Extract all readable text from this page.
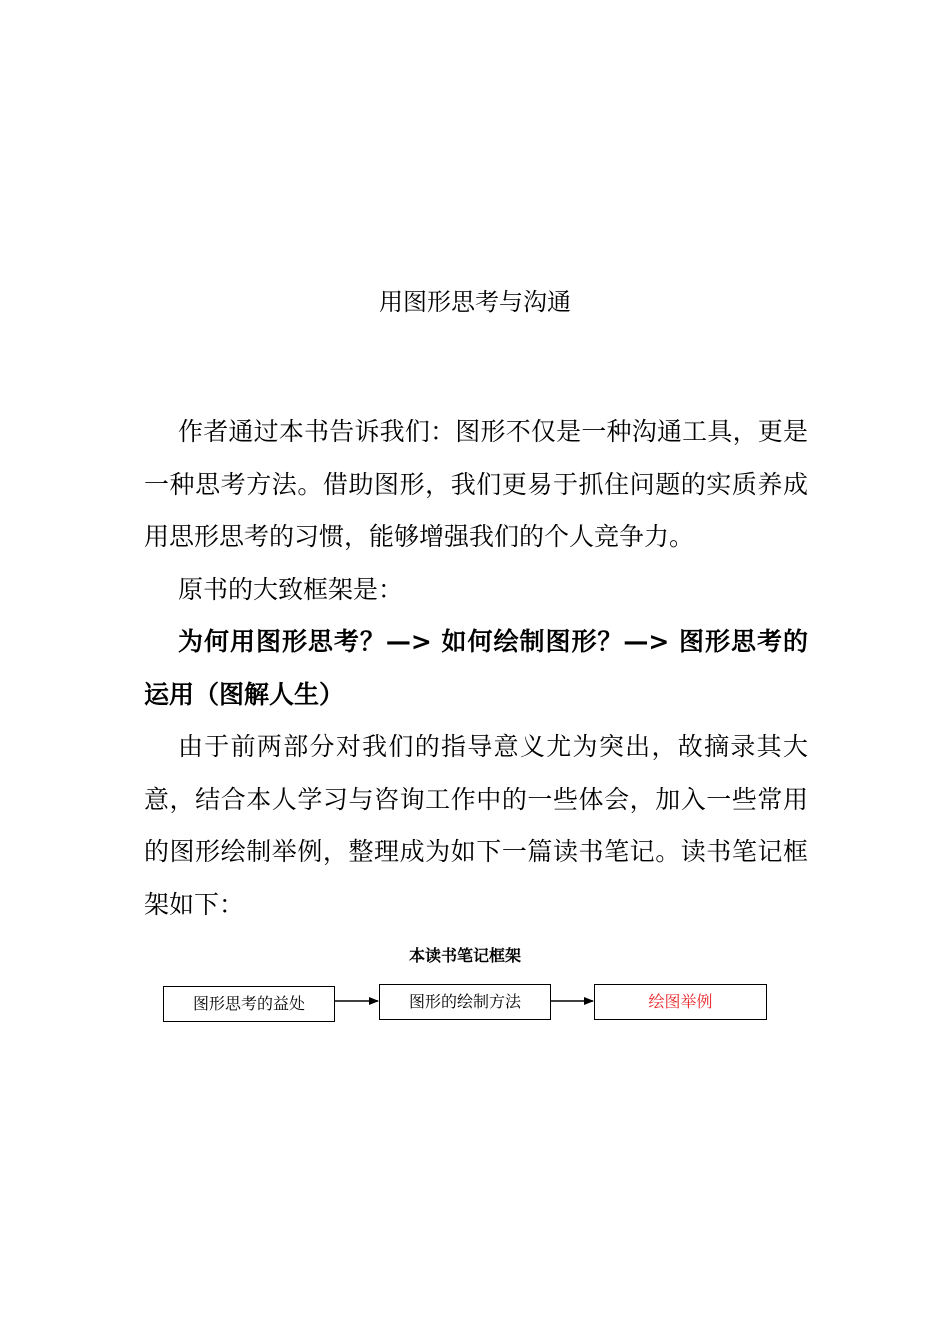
用图形思考与沟通

作者通过本书告诉我们：图形不仅是一种沟通工具，更是一种思考方法。借助图形，我们更易于抓住问题的实质养成用思形思考的习惯，能够增强我们的个人竞争力。

原书的大致框架是：

为何用图形思考？—> 如何绘制图形？—> 图形思考的运用（图解人生）

由于前两部分对我们的指导意义尤为突出，故摘录其大意，结合本人学习与咨询工作中的一些体会，加入一些常用的图形绘制举例，整理成为如下一篇读书笔记。读书笔记框架如下：

本读书笔记框架
图形思考的益处	图形的绘制方法	绘图举例
